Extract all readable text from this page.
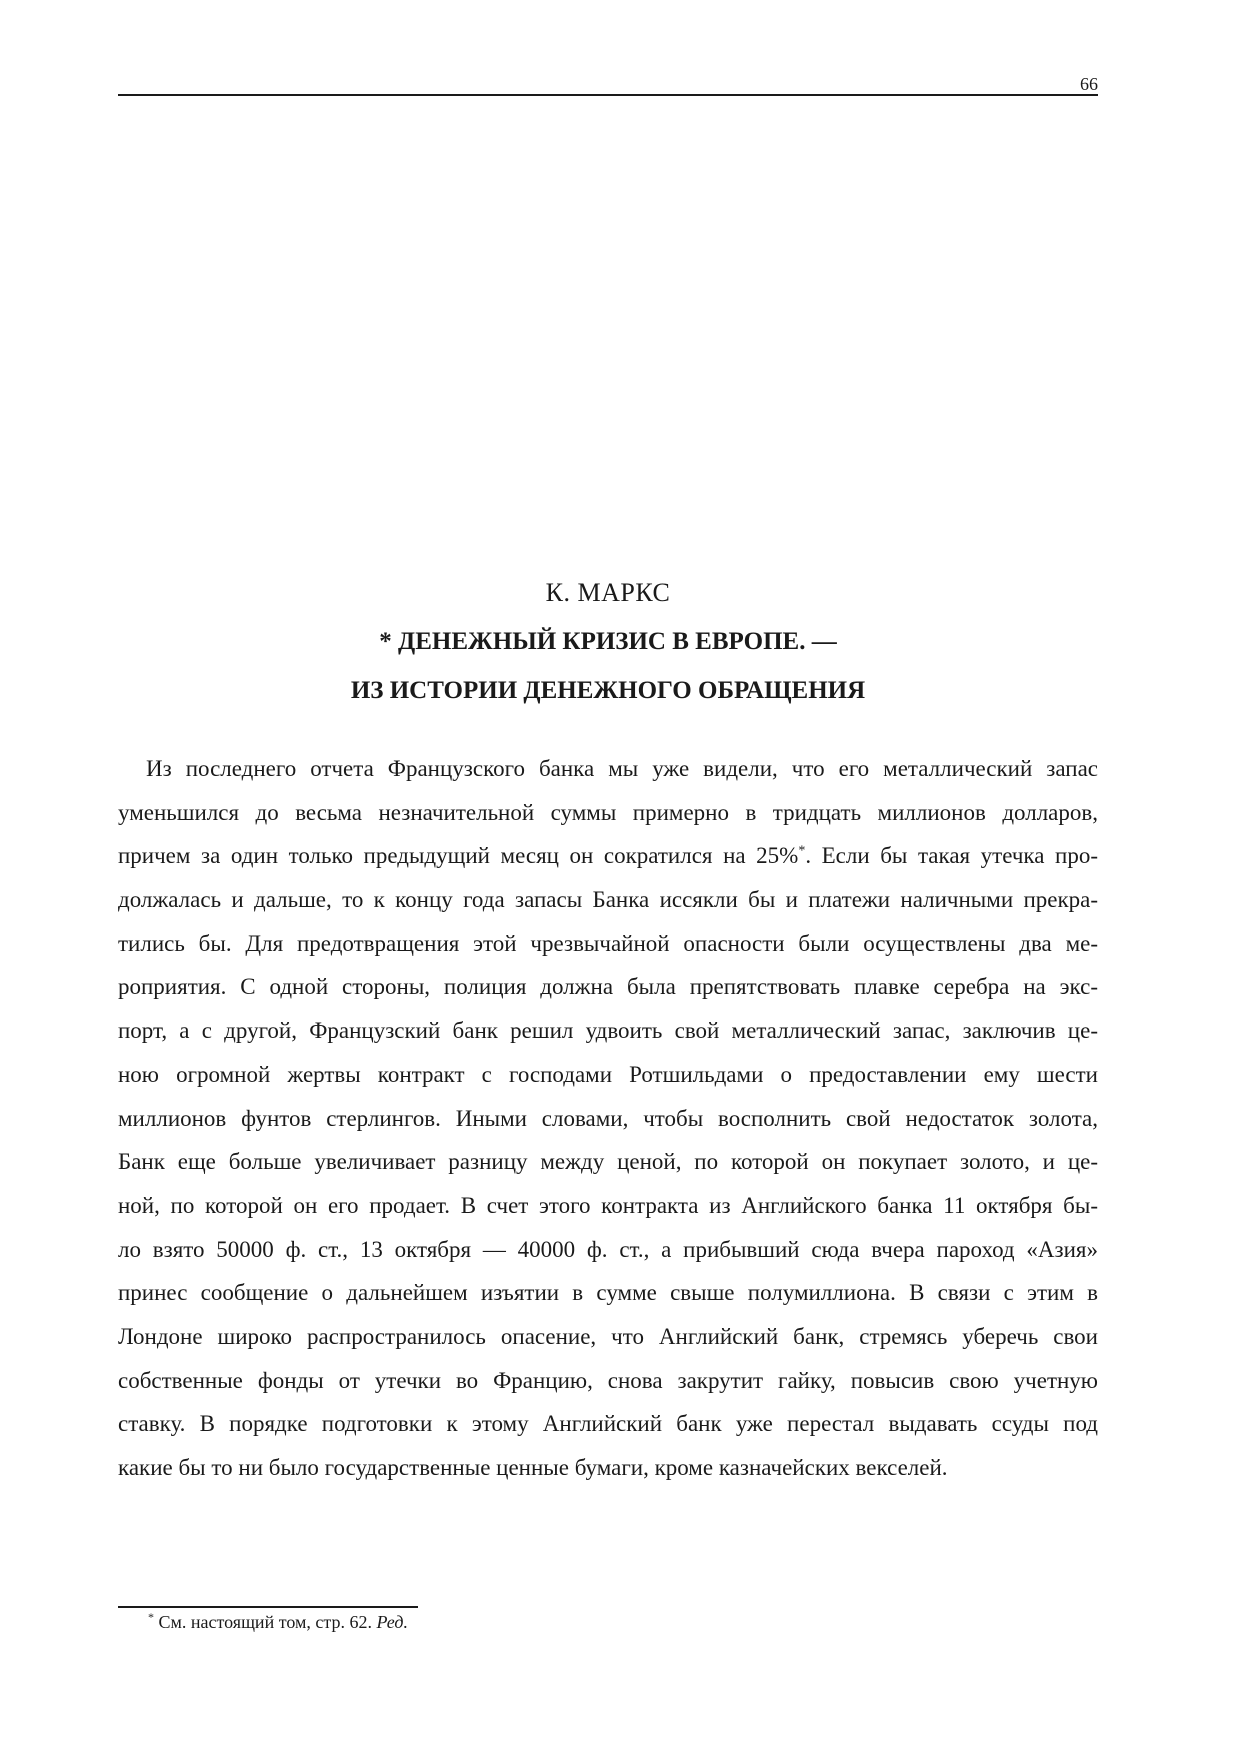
66
К. МАРКС
* ДЕНЕЖНЫЙ КРИЗИС В ЕВРОПЕ. —
ИЗ ИСТОРИИ ДЕНЕЖНОГО ОБРАЩЕНИЯ
Из последнего отчета Французского банка мы уже видели, что его металлический запас
уменьшился до весьма незначительной суммы примерно в тридцать миллионов долларов,
причем за один только предыдущий месяц он сократился на 25%*. Если бы такая утечка про-
должалась и дальше, то к концу года запасы Банка иссякли бы и платежи наличными прекра-
тились бы. Для предотвращения этой чрезвычайной опасности были осуществлены два ме-
роприятия. С одной стороны, полиция должна была препятствовать плавке серебра на экс-
порт, а с другой, Французский банк решил удвоить свой металлический запас, заключив це-
ною огромной жертвы контракт с господами Ротшильдами о предоставлении ему шести
миллионов фунтов стерлингов. Иными словами, чтобы восполнить свой недостаток золота,
Банк еще больше увеличивает разницу между ценой, по которой он покупает золото, и це-
ной, по которой он его продает. В счет этого контракта из Английского банка 11 октября бы-
ло взято 50000 ф. ст., 13 октября — 40000 ф. ст., а прибывший сюда вчера пароход «Азия»
принес сообщение о дальнейшем изъятии в сумме свыше полумиллиона. В связи с этим в
Лондоне широко распространилось опасение, что Английский банк, стремясь уберечь свои
собственные фонды от утечки во Францию, снова закрутит гайку, повысив свою учетную
ставку. В порядке подготовки к этому Английский банк уже перестал выдавать ссуды под
какие бы то ни было государственные ценные бумаги, кроме казначейских векселей.
* См. настоящий том, стр. 62. Ред.
